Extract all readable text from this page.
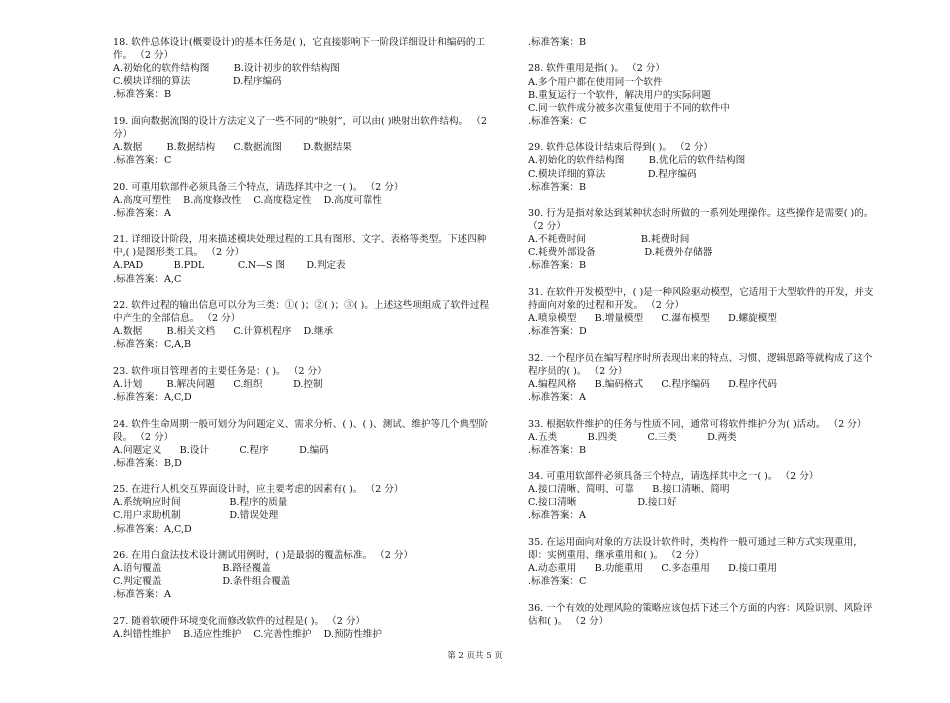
18. 软件总体设计(概要设计)的基本任务是( )，它直接影响下一阶段详细设计和编码的工作。 （2 分）
A.初始化的软件结构图        B.设计初步的软件结构图
C.模块详细的算法              D.程序编码
.标准答案：B
19. 面向数据流图的设计方法定义了一些不同的“映射”，可以由( )映射出软件结构。 （2 分）
A.数据        B.数据结构      C.数据流图       D.数据结果
.标准答案：C
20. 可重用软部件必须具备三个特点，请选择其中之一( )。 （2 分）
A.高度可塑性    B.高度修改性    C.高度稳定性    D.高度可靠性
.标准答案：A
21. 详细设计阶段，用来描述模块处理过程的工具有图形、文字、表格等类型。下述四种中,( )是图形类工具。 （2 分）
A.PAD          B.PDL           C.N—S 图       D.判定表
.标准答案：A,C
22. 软件过程的输出信息可以分为三类：①( )；②( )；③( )。上述这些项组成了软件过程中产生的全部信息。 （2 分）
A.数据        B.相关文档      C.计算机程序    D.继承
.标准答案：C,A,B
23. 软件项目管理者的主要任务是：( )。 （2 分）
A.计划        B.解决问题      C.组织          D.控制
.标准答案：A,C,D
24. 软件生命周期一般可划分为问题定义、需求分析、( )、( )、测试、维护等几个典型阶段。 （2 分）
A.问题定义      B.设计          C.程序          D.编码
.标准答案：B,D
25. 在进行人机交互界面设计时，应主要考虑的因素有( )。 （2 分）
A.系统响应时间                B.程序的质量
C.用户求助机制                D.错误处理
.标准答案：A,C,D
26. 在用白盒法技术设计测试用例时，( )是最弱的覆盖标准。 （2 分）
A.语句覆盖                    B.路径覆盖
C.判定覆盖                    D.条件组合覆盖
.标准答案：A
27. 随着软硬件环境变化而修改软件的过程是( )。 （2 分）
A.纠错性维护    B.适应性维护    C.完善性维护    D.预防性维护
.标准答案：B
28. 软件重用是指( )。 （2 分）
A.多个用户都在使用同一个软件
B.重复运行一个软件，解决用户的实际问题
C.同一软件成分被多次重复使用于不同的软件中
.标准答案：C
29. 软件总体设计结束后得到( )。 （2 分）
A.初始化的软件结构图        B.优化后的软件结构图
C.模块详细的算法              D.程序编码
.标准答案：B
30. 行为是指对象达到某种状态时所做的一系列处理操作。这些操作是需要( )的。 （2 分）
A.不耗费时间                  B.耗费时间
C.耗费外部设备                D.耗费外存储器
.标准答案：B
31. 在软件开发模型中，( )是一种风险驱动模型，它适用于大型软件的开发，并支持面向对象的过程和开发。 （2 分）
A.喷泉模型      B.增量模型      C.瀑布模型      D.螺旋模型
.标准答案：D
32. 一个程序员在编写程序时所表现出来的特点、习惯、逻辑思路等就构成了这个程序员的( )。 （2 分）
A.编程风格      B.编码格式      C.程序编码      D.程序代码
.标准答案：A
33. 根据软件维护的任务与性质不同，通常可将软件维护分为( )活动。 （2 分）
A.五类          B.四类          C.三类          D.两类
.标准答案：B
34. 可重用软部件必须具备三个特点，请选择其中之一( )。 （2 分）
A.接口清晰、简明、可靠      B.接口清晰、简明
C.接口清晰                    D.接口好
.标准答案：A
35. 在运用面向对象的方法设计软件时，类构件一般可通过三种方式实现重用，即：实例重用、继承重用和( )。 （2 分）
A.动态重用      B.功能重用      C.多态重用      D.接口重用
.标准答案：C
36. 一个有效的处理风险的策略应该包括下述三个方面的内容：风险识别、风险评估和( )。 （2 分）
第 2 页共 5 页
